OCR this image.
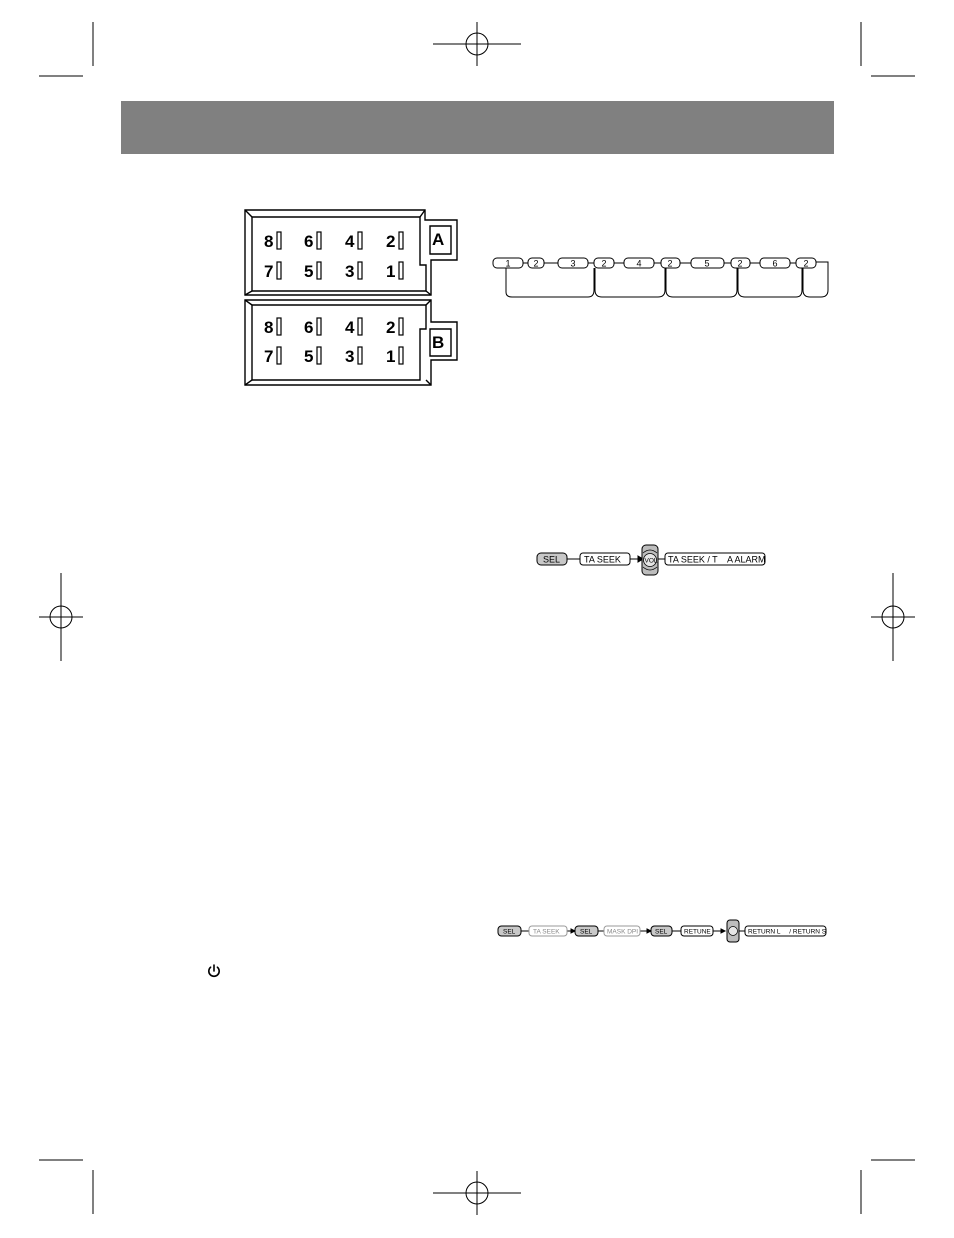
8 6 4 2
7 5 3 1
A
8 6 4 2
7 5 3 1
B
1	2	3	2	4	2	5	2	6	2
SEL	TA SEEK	VOL TA SEEK / T    A ALARM
SEL	TA SEEK	SEL MASK DPI	SEL	RETUNE	RETURN L     / RETURN S
